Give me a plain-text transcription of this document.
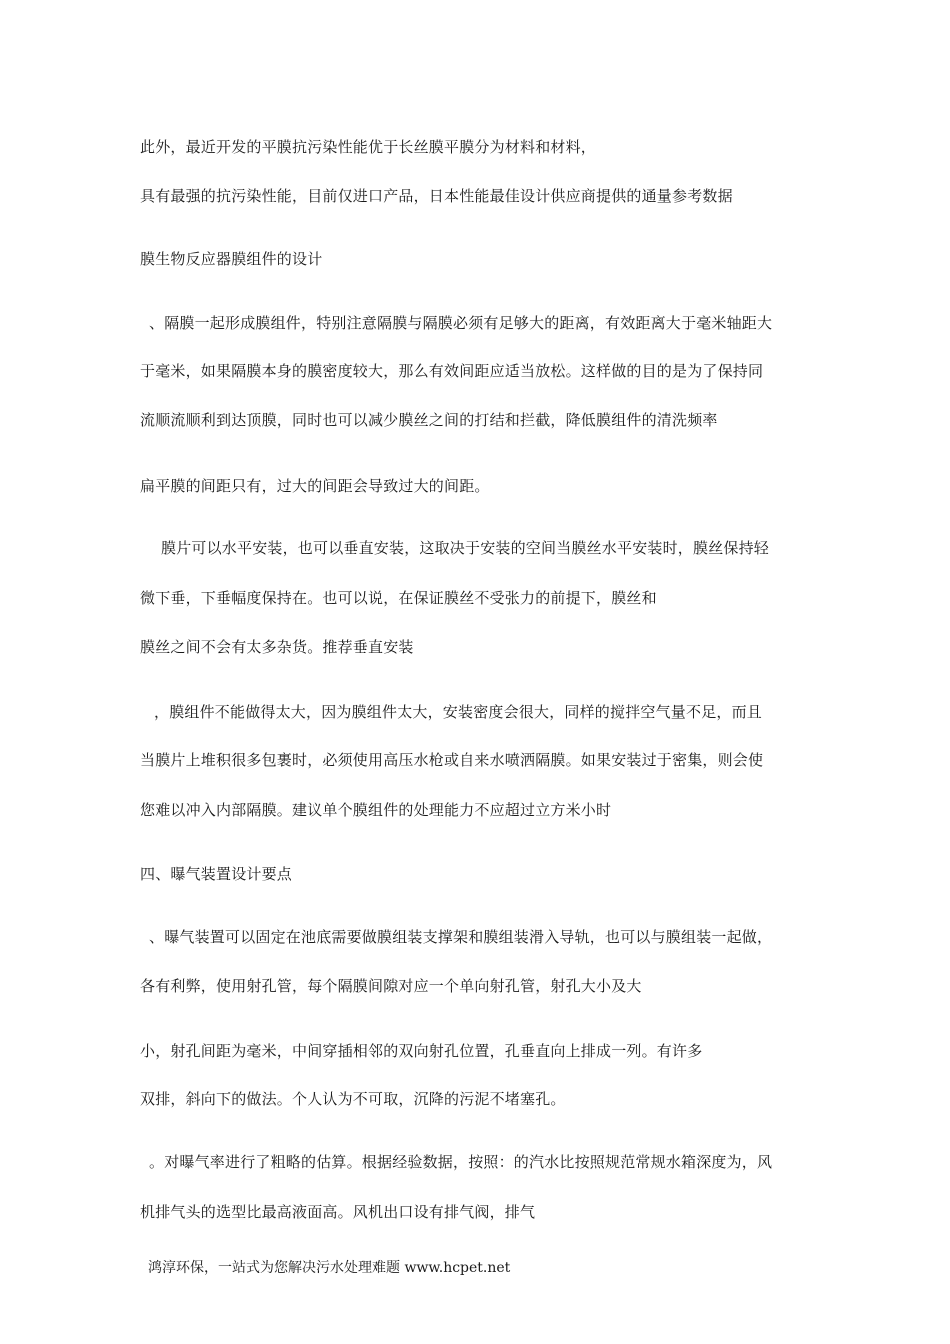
此外，最近开发的平膜抗污染性能优于长丝膜平膜分为材料和材料，
具有最强的抗污染性能，目前仅进口产品，日本性能最佳设计供应商提供的通量参考数据
膜生物反应器膜组件的设计
、隔膜一起形成膜组件，特别注意隔膜与隔膜必须有足够大的距离，有效距离大于毫米轴距大
于毫米，如果隔膜本身的膜密度较大，那么有效间距应适当放松。这样做的目的是为了保持同
流顺流顺利到达顶膜，同时也可以减少膜丝之间的打结和拦截，降低膜组件的清洗频率
扁平膜的间距只有，过大的间距会导致过大的间距。
膜片可以水平安装，也可以垂直安装，这取决于安装的空间当膜丝水平安装时，膜丝保持轻
微下垂，下垂幅度保持在。也可以说，在保证膜丝不受张力的前提下，膜丝和
膜丝之间不会有太多杂货。推荐垂直安装
，膜组件不能做得太大，因为膜组件太大，安装密度会很大，同样的搅拌空气量不足，而且
当膜片上堆积很多包裹时，必须使用高压水枪或自来水喷洒隔膜。如果安装过于密集，则会使
您难以冲入内部隔膜。建议单个膜组件的处理能力不应超过立方米小时
四、曝气装置设计要点
、曝气装置可以固定在池底需要做膜组装支撑架和膜组装滑入导轨，也可以与膜组装一起做，
各有利弊，使用射孔管，每个隔膜间隙对应一个单向射孔管，射孔大小及大
小，射孔间距为毫米，中间穿插相邻的双向射孔位置，孔垂直向上排成一列。有许多
双排，斜向下的做法。个人认为不可取，沉降的污泥不堵塞孔。
。对曝气率进行了粗略的估算。根据经验数据，按照：的汽水比按照规范常规水箱深度为，风
机排气头的选型比最高液面高。风机出口设有排气阀，排气
鸿淳环保，一站式为您解决污水处理难题 www.hcpet.net
